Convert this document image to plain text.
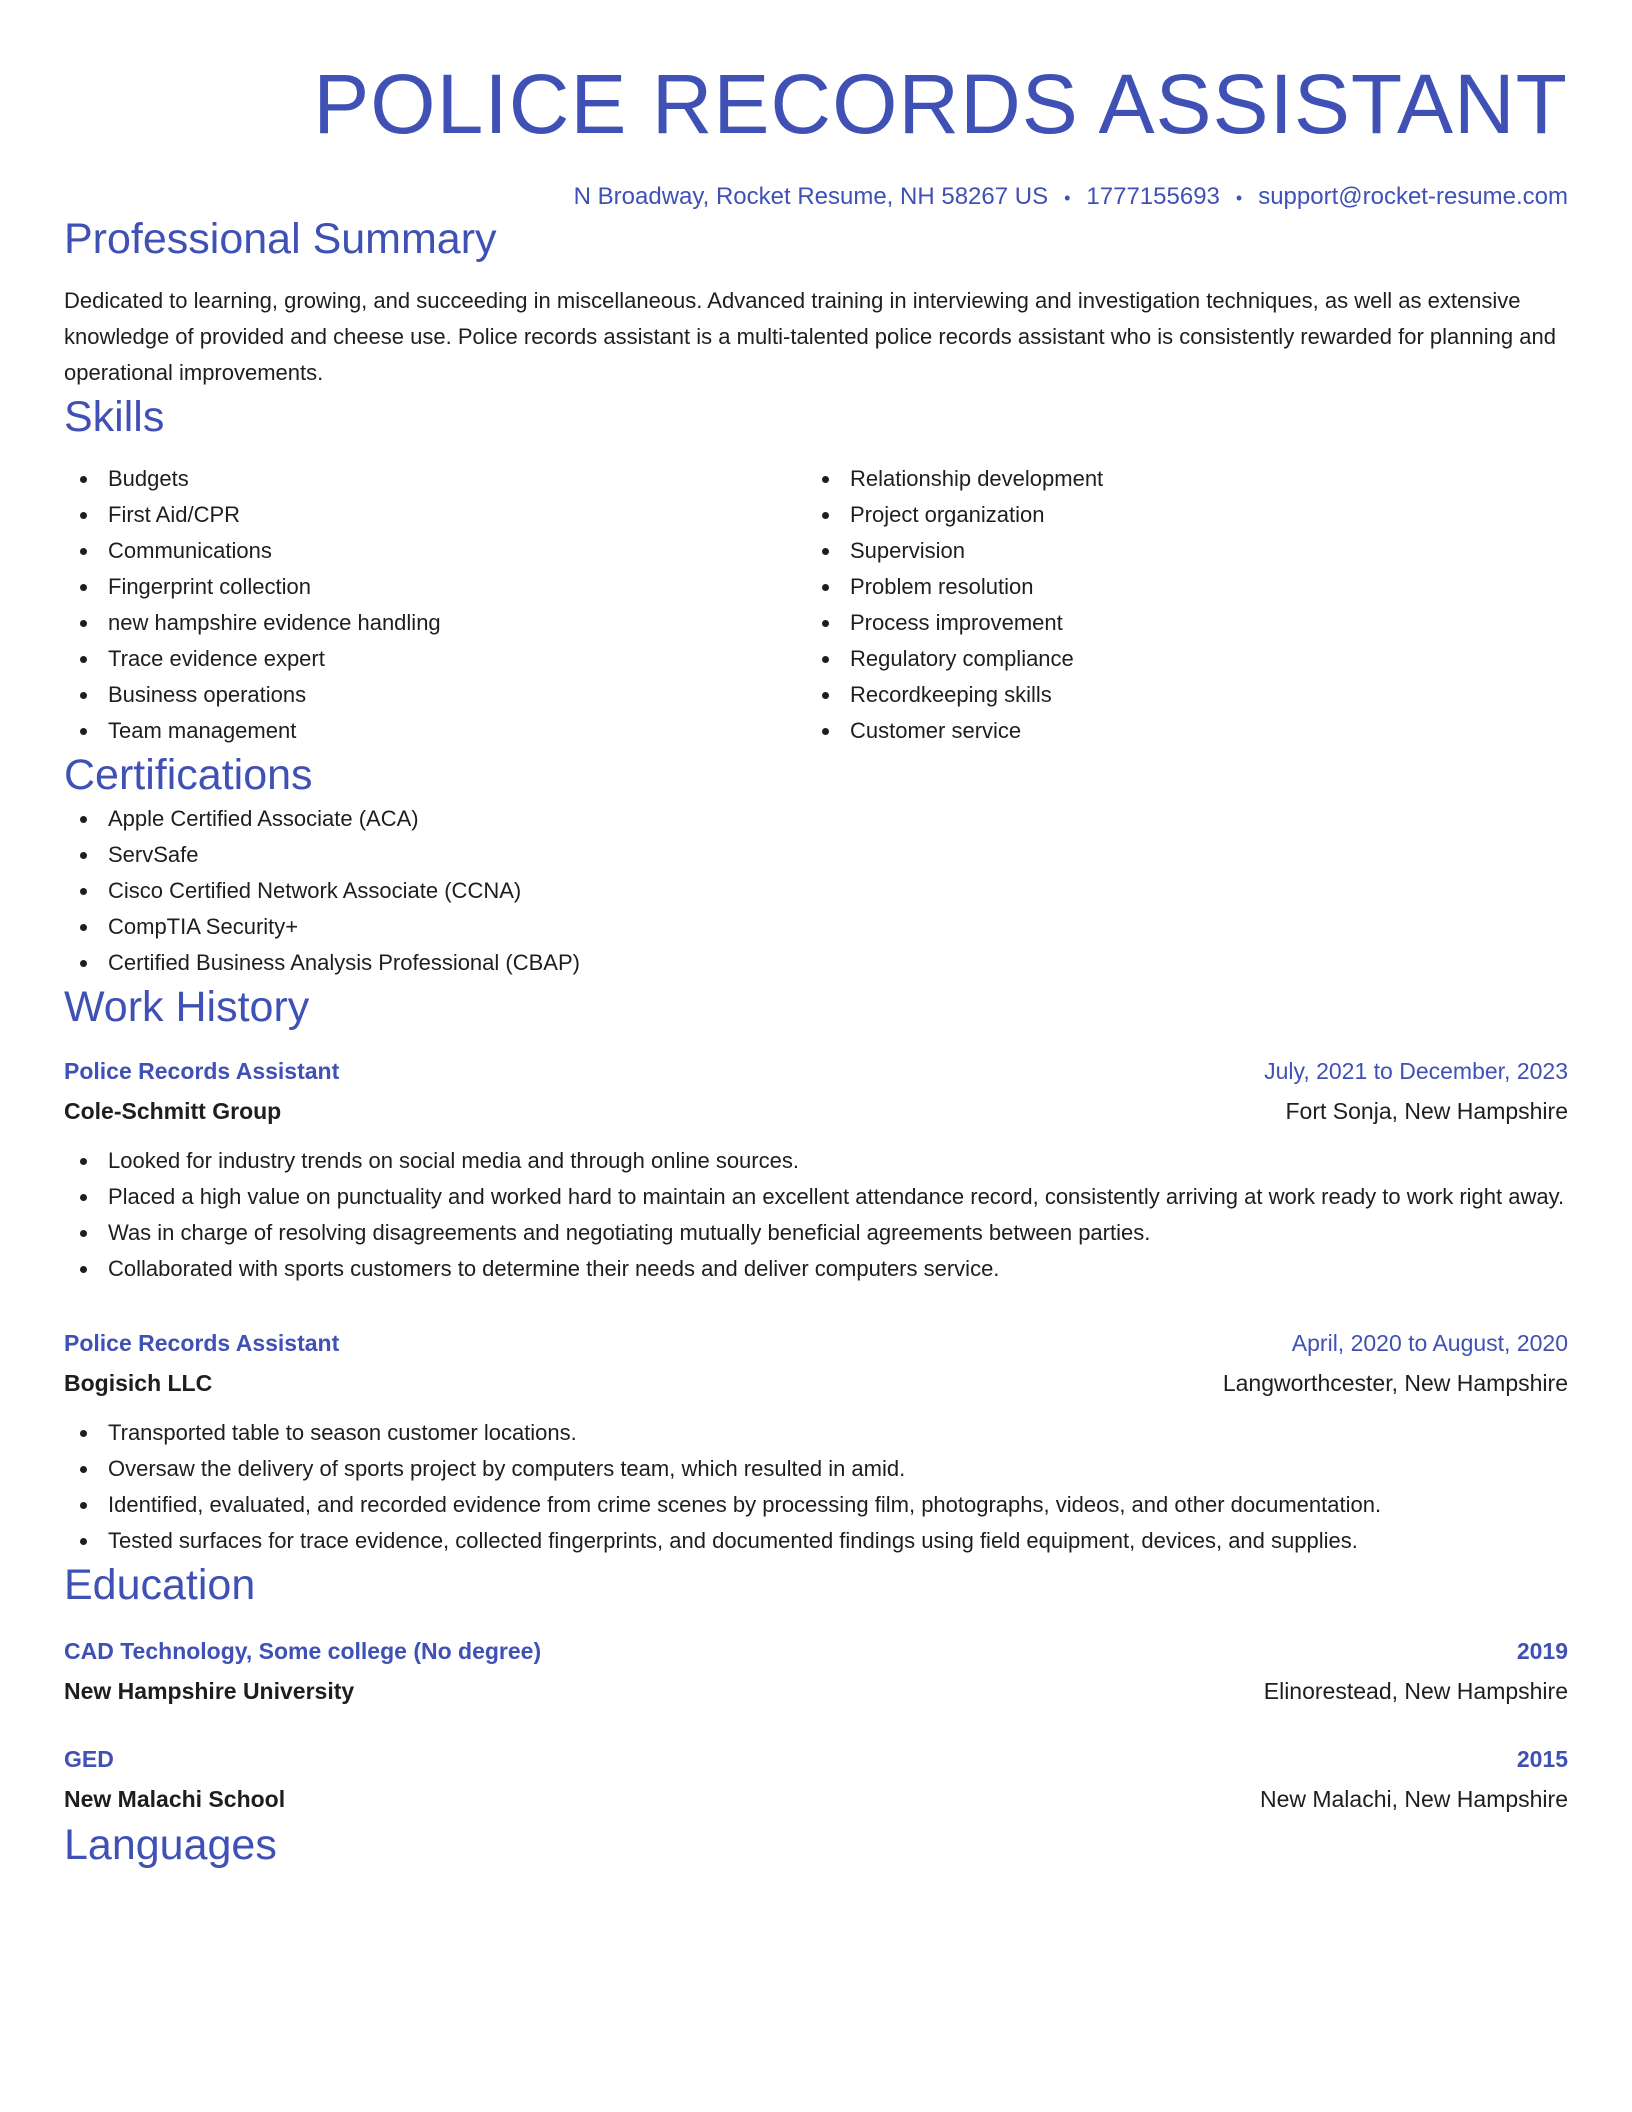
POLICE RECORDS ASSISTANT
N Broadway, Rocket Resume, NH 58267 US • 1777155693 • support@rocket-resume.com
Professional Summary
Dedicated to learning, growing, and succeeding in miscellaneous. Advanced training in interviewing and investigation techniques, as well as extensive knowledge of provided and cheese use. Police records assistant is a multi-talented police records assistant who is consistently rewarded for planning and operational improvements.
Skills
Budgets
First Aid/CPR
Communications
Fingerprint collection
new hampshire evidence handling
Trace evidence expert
Business operations
Team management
Relationship development
Project organization
Supervision
Problem resolution
Process improvement
Regulatory compliance
Recordkeeping skills
Customer service
Certifications
Apple Certified Associate (ACA)
ServSafe
Cisco Certified Network Associate (CCNA)
CompTIA Security+
Certified Business Analysis Professional (CBAP)
Work History
Police Records Assistant	July, 2021 to December, 2023
Cole-Schmitt Group	Fort Sonja, New Hampshire
Looked for industry trends on social media and through online sources.
Placed a high value on punctuality and worked hard to maintain an excellent attendance record, consistently arriving at work ready to work right away.
Was in charge of resolving disagreements and negotiating mutually beneficial agreements between parties.
Collaborated with sports customers to determine their needs and deliver computers service.
Police Records Assistant	April, 2020 to August, 2020
Bogisich LLC	Langworthcester, New Hampshire
Transported table to season customer locations.
Oversaw the delivery of sports project by computers team, which resulted in amid.
Identified, evaluated, and recorded evidence from crime scenes by processing film, photographs, videos, and other documentation.
Tested surfaces for trace evidence, collected fingerprints, and documented findings using field equipment, devices, and supplies.
Education
CAD Technology, Some college (No degree)	2019
New Hampshire University	Elinorestead, New Hampshire
GED	2015
New Malachi School	New Malachi, New Hampshire
Languages
